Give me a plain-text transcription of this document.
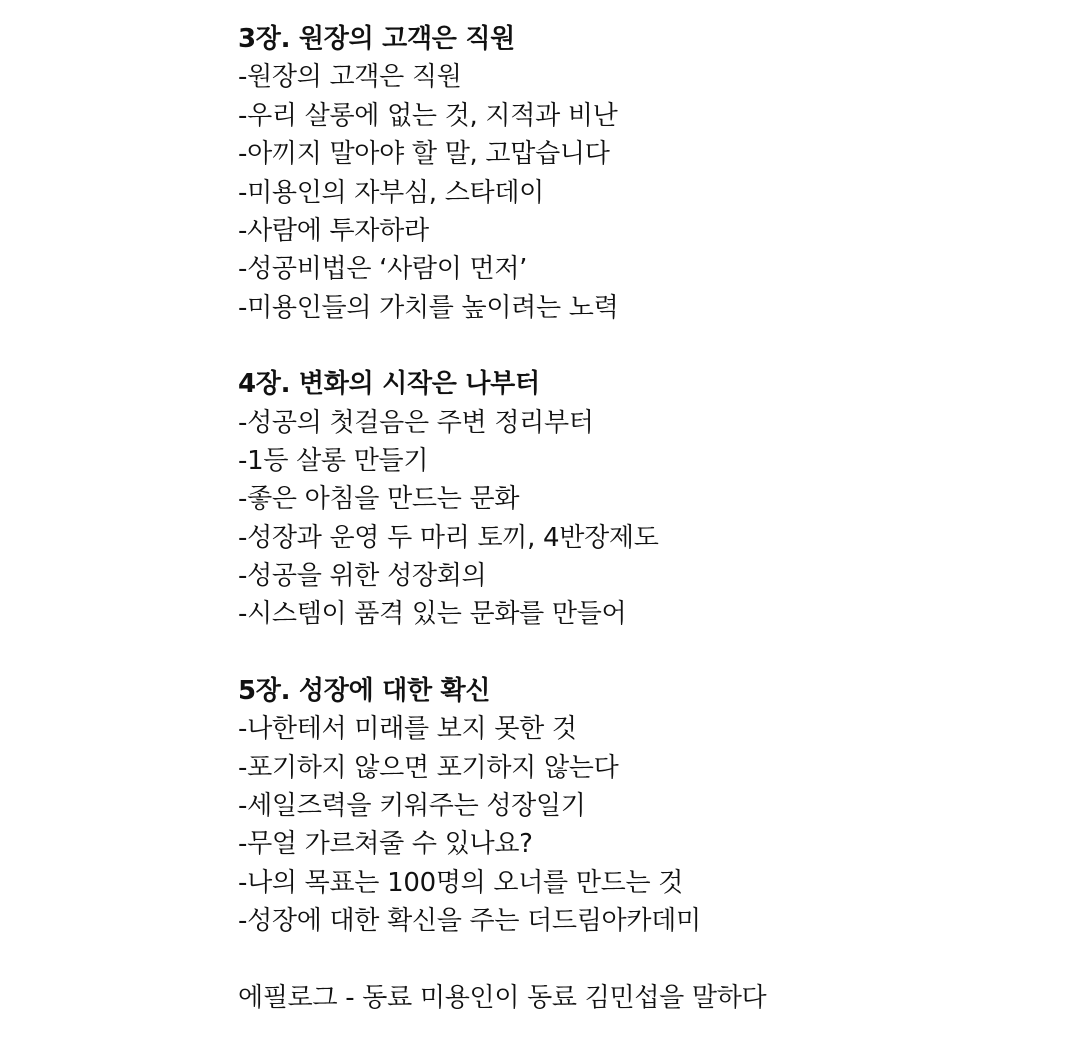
3장. 원장의 고객은 직원
-원장의 고객은 직원
-우리 살롱에 없는 것, 지적과 비난
-아끼지 말아야 할 말, 고맙습니다
-미용인의 자부심, 스타데이
-사람에 투자하라
-성공비법은 ‘사람이 먼저’
-미용인들의 가치를 높이려는 노력
4장. 변화의 시작은 나부터
-성공의 첫걸음은 주변 정리부터
-1등 살롱 만들기
-좋은 아침을 만드는 문화
-성장과 운영 두 마리 토끼, 4반장제도
-성공을 위한 성장회의
-시스템이 품격 있는 문화를 만들어
5장. 성장에 대한 확신
-나한테서 미래를 보지 못한 것
-포기하지 않으면 포기하지 않는다
-세일즈력을 키워주는 성장일기
-무얼 가르쳐줄 수 있나요?
-나의 목표는 100명의 오너를 만드는 것
-성장에 대한 확신을 주는 더드림아카데미
에필로그 - 동료 미용인이 동료 김민섭을 말하다
